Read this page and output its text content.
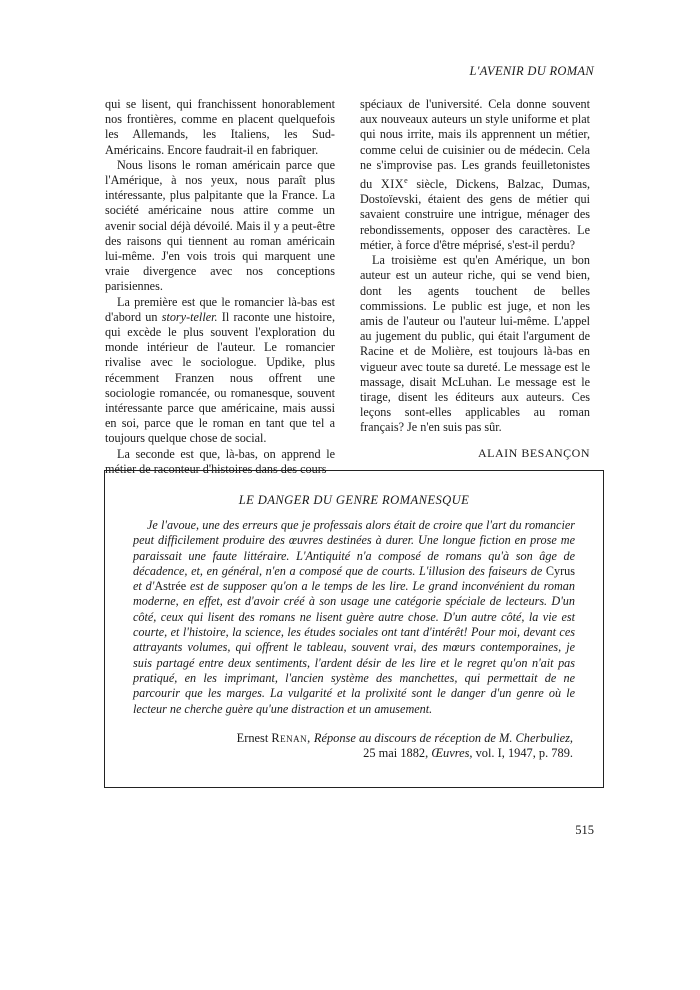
L'AVENIR DU ROMAN

qui se lisent, qui franchissent honorablement nos frontières, comme en placent quelquefois les Allemands, les Italiens, les Sud-Américains. Encore faudrait-il en fabriquer.

Nous lisons le roman américain parce que l'Amérique, à nos yeux, nous paraît plus intéressante, plus palpitante que la France. La société américaine nous attire comme un avenir social déjà dévoilé. Mais il y a peut-être des raisons qui tiennent au roman américain lui-même. J'en vois trois qui marquent une vraie divergence avec nos conceptions parisiennes.

La première est que le romancier là-bas est d'abord un story-teller. Il raconte une histoire, qui excède le plus souvent l'exploration du monde intérieur de l'auteur. Le romancier rivalise avec le sociologue. Updike, plus récemment Franzen nous offrent une sociologie romancée, ou romanesque, souvent intéressante parce que américaine, mais aussi en soi, parce que le roman en tant que tel a toujours quelque chose de social.

La seconde est que, là-bas, on apprend le métier de raconteur d'histoires dans des cours

spéciaux de l'université. Cela donne souvent aux nouveaux auteurs un style uniforme et plat qui nous irrite, mais ils apprennent un métier, comme celui de cuisinier ou de médecin. Cela ne s'improvise pas. Les grands feuilletonistes du XIXe siècle, Dickens, Balzac, Dumas, Dostoïevski, étaient des gens de métier qui savaient construire une intrigue, ménager des rebondissements, opposer des caractères. Le métier, à force d'être méprisé, s'est-il perdu?

La troisième est qu'en Amérique, un bon auteur est un auteur riche, qui se vend bien, dont les agents touchent de belles commissions. Le public est juge, et non les amis de l'auteur ou l'auteur lui-même. L'appel au jugement du public, qui était l'argument de Racine et de Molière, est toujours là-bas en vigueur avec toute sa dureté. Le message est le massage, disait McLuhan. Le message est le tirage, disent les éditeurs aux auteurs. Ces leçons sont-elles applicables au roman français? Je n'en suis pas sûr.

ALAIN BESANÇON
LE DANGER DU GENRE ROMANESQUE

Je l'avoue, une des erreurs que je professais alors était de croire que l'art du romancier peut difficilement produire des œuvres destinées à durer. Une longue fiction en prose me paraissait une faute littéraire. L'Antiquité n'a composé de romans qu'à son âge de décadence, et, en général, n'en a composé que de courts. L'illusion des faiseurs de Cyrus et d'Astrée est de supposer qu'on a le temps de les lire. Le grand inconvénient du roman moderne, en effet, est d'avoir créé à son usage une catégorie spéciale de lecteurs. D'un côté, ceux qui lisent des romans ne lisent guère autre chose. D'un autre côté, la vie est courte, et l'histoire, la science, les études sociales ont tant d'intérêt! Pour moi, devant ces attrayants volumes, qui offrent le tableau, souvent vrai, des mœurs contemporaines, je suis partagé entre deux sentiments, l'ardent désir de les lire et le regret qu'on n'ait pas pratiqué, en les imprimant, l'ancien système des manchettes, qui permettait de ne parcourir que les marges. La vulgarité et la prolixité sont le danger d'un genre où le lecteur ne cherche guère qu'une distraction et un amusement.

Ernest Renan, Réponse au discours de réception de M. Cherbuliez,
25 mai 1882, Œuvres, vol. I, 1947, p. 789.
515
